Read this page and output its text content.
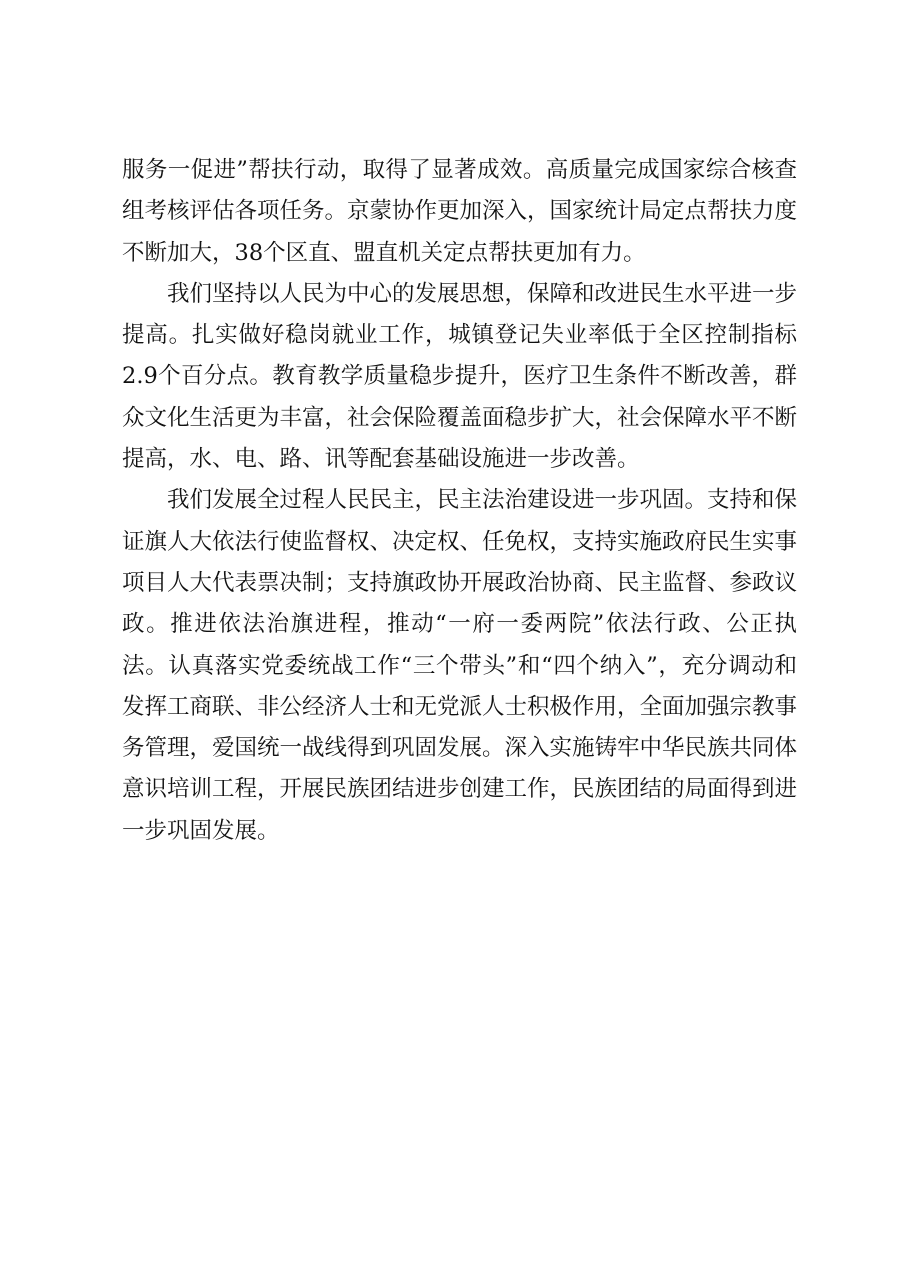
服务一促进”帮扶行动，取得了显著成效。高质量完成国家综合核查组考核评估各项任务。京蒙协作更加深入，国家统计局定点帮扶力度不断加大，38个区直、盟直机关定点帮扶更加有力。

我们坚持以人民为中心的发展思想，保障和改进民生水平进一步提高。扎实做好稳岗就业工作，城镇登记失业率低于全区控制指标2.9个百分点。教育教学质量稳步提升，医疗卫生条件不断改善，群众文化生活更为丰富，社会保险覆盖面稳步扩大，社会保障水平不断提高，水、电、路、讯等配套基础设施进一步改善。

我们发展全过程人民民主，民主法治建设进一步巩固。支持和保证旗人大依法行使监督权、决定权、任免权，支持实施政府民生实事项目人大代表票决制；支持旗政协开展政治协商、民主监督、参政议政。推进依法治旗进程，推动“一府一委两院”依法行政、公正执法。认真落实党委统战工作“三个带头”和“四个纳入”，充分调动和发挥工商联、非公经济人士和无党派人士积极作用，全面加强宗教事务管理，爱国统一战线得到巩固发展。深入实施铸牢中华民族共同体意识培训工程，开展民族团结进步创建工作，民族团结的局面得到进一步巩固发展。
